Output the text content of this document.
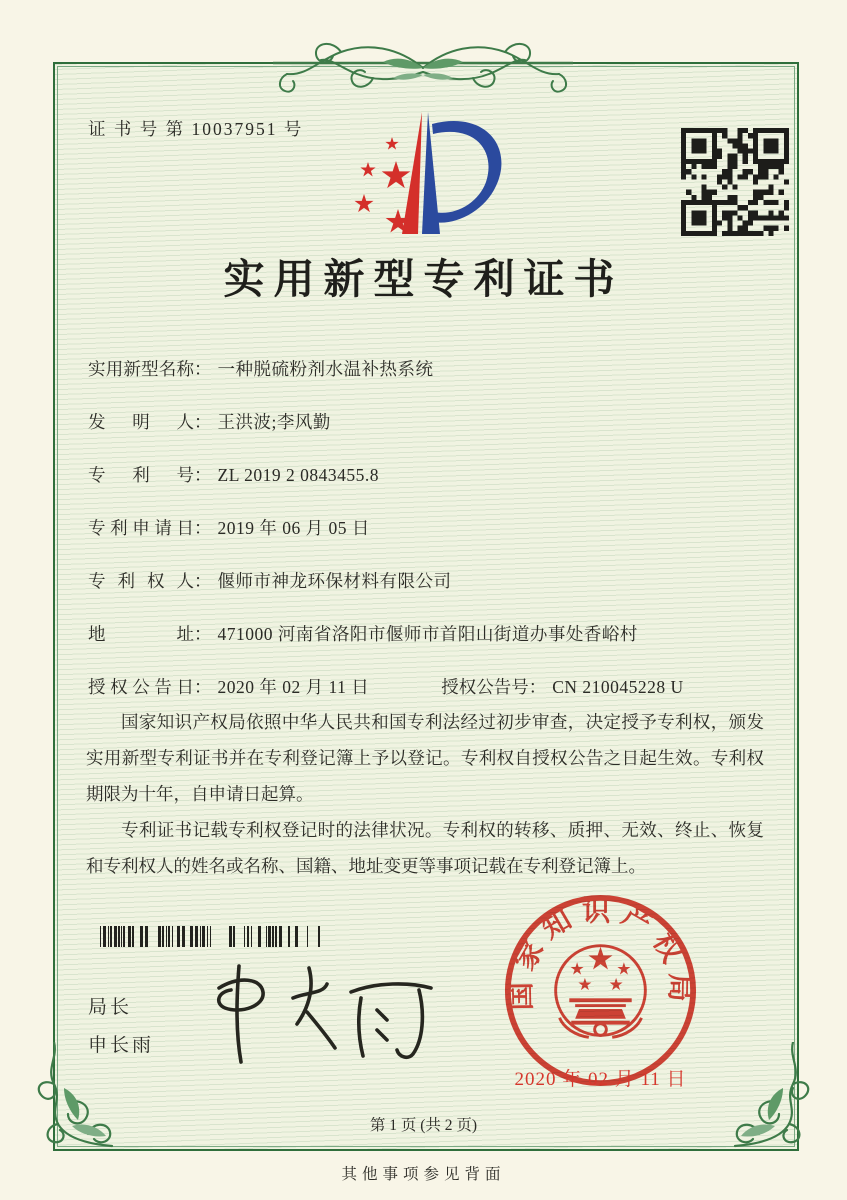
证 书 号 第 10037951 号
实用新型专利证书
实用新型名称： 一种脱硫粉剂水温补热系统
发明人： 王洪波;李风勤
专利号： ZL 2019 2 0843455.8
专利申请日： 2019 年 06 月 05 日
专利权人： 偃师市神龙环保材料有限公司
地址： 471000 河南省洛阳市偃师市首阳山街道办事处香峪村
授权公告日： 2020 年 02 月 11 日	授权公告号： CN 210045228 U

国家知识产权局依照中华人民共和国专利法经过初步审查，决定授予专利权，颁发实用新型专利证书并在专利登记簿上予以登记。专利权自授权公告之日起生效。专利权期限为十年，自申请日起算。

专利证书记载专利权登记时的法律状况。专利权的转移、质押、无效、终止、恢复和专利权人的姓名或名称、国籍、地址变更等事项记载在专利登记簿上。

局长
申长雨
国家知识产权局
2020 年 02 月 11 日
第 1 页 (共 2 页)
其他事项参见背面
